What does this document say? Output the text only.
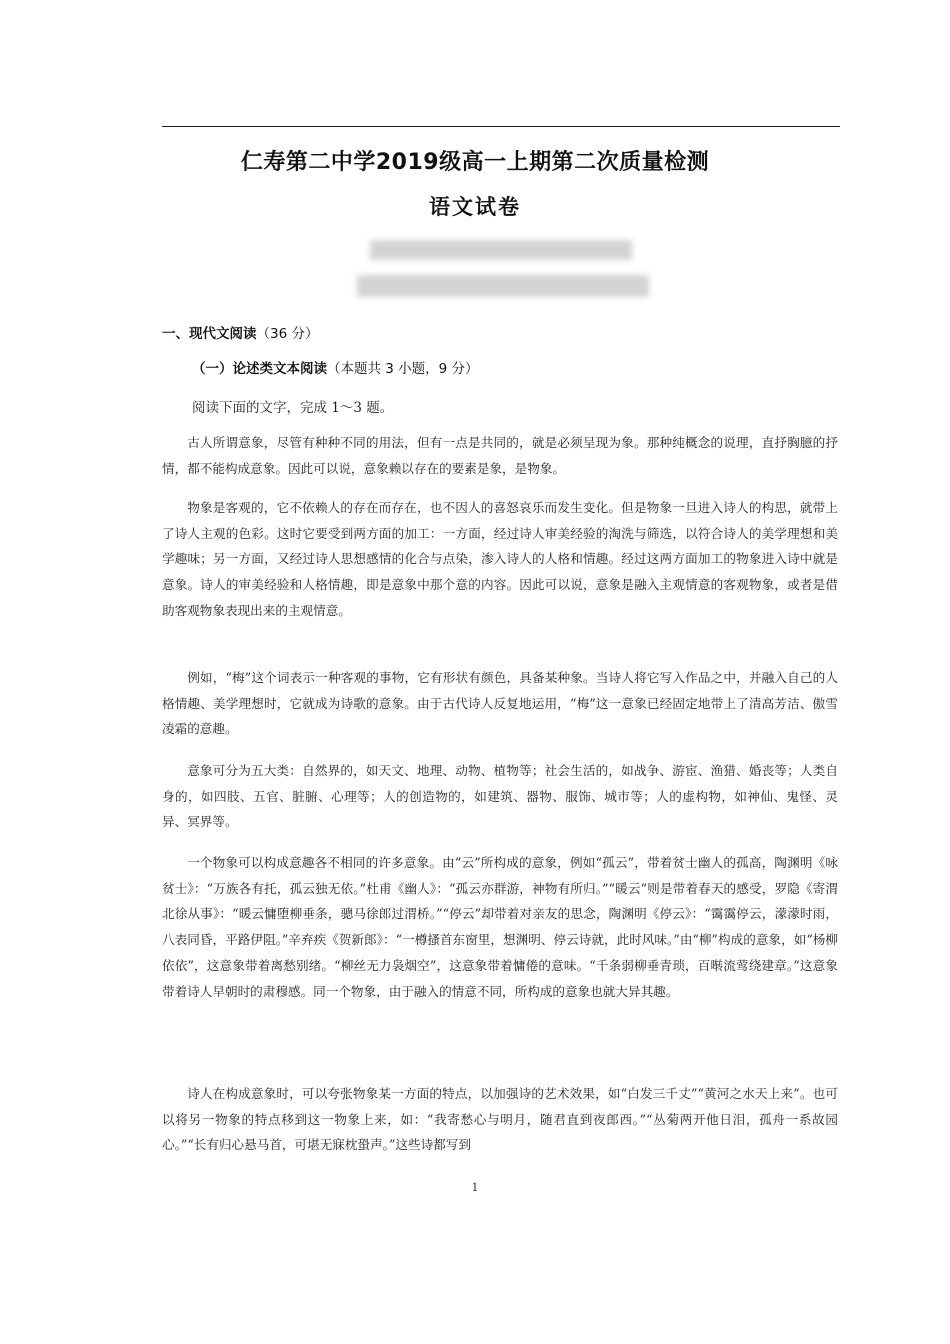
仁寿第二中学2019级高一上期第二次质量检测
语文试卷
一、现代文阅读（36 分）
（一）论述类文本阅读（本题共 3 小题，9 分）
阅读下面的文字，完成 1～3 题。

古人所谓意象，尽管有种种不同的用法，但有一点是共同的，就是必须呈现为象。那种纯概念的说理，直抒胸臆的抒情，都不能构成意象。因此可以说，意象赖以存在的要素是象，是物象。

物象是客观的，它不依赖人的存在而存在，也不因人的喜怒哀乐而发生变化。但是物象一旦进入诗人的构思，就带上了诗人主观的色彩。这时它要受到两方面的加工：一方面，经过诗人审美经验的淘洗与筛选，以符合诗人的美学理想和美学趣味；另一方面，又经过诗人思想感情的化合与点染，渗入诗人的人格和情趣。经过这两方面加工的物象进入诗中就是意象。诗人的审美经验和人格情趣，即是意象中那个意的内容。因此可以说，意象是融入主观情意的客观物象，或者是借助客观物象表现出来的主观情意。

例如，“梅”这个词表示一种客观的事物，它有形状有颜色，具备某种象。当诗人将它写入作品之中，并融入自己的人格情趣、美学理想时，它就成为诗歌的意象。由于古代诗人反复地运用，“梅”这一意象已经固定地带上了清高芳洁、傲雪凌霜的意趣。

意象可分为五大类：自然界的，如天文、地理、动物、植物等；社会生活的，如战争、游宦、渔猎、婚丧等；人类自身的，如四肢、五官、脏腑、心理等；人的创造物的，如建筑、器物、服饰、城市等；人的虚构物，如神仙、鬼怪、灵异、冥界等。

一个物象可以构成意趣各不相同的许多意象。由“云”所构成的意象，例如“孤云”，带着贫士幽人的孤高，陶渊明《咏贫士》：“万族各有托，孤云独无依。”杜甫《幽人》：“孤云亦群游，神物有所归。”“暖云”则是带着春天的感受，罗隐《寄渭北徐从事》：“暖云慵堕柳垂条，骢马徐郎过渭桥。”“停云”却带着对亲友的思念，陶渊明《停云》：“霭霭停云，濛濛时雨，八表同昏，平路伊阻。”辛弃疾《贺新郎》：“一樽搔首东窗里，想渊明、停云诗就，此时风味。”由“柳”构成的意象，如“杨柳依依”，这意象带着离愁别绪。“柳丝无力袅烟空”，这意象带着慵倦的意味。“千条弱柳垂青琐，百啭流莺绕建章。”这意象带着诗人早朝时的肃穆感。同一个物象，由于融入的情意不同，所构成的意象也就大异其趣。

诗人在构成意象时，可以夸张物象某一方面的特点，以加强诗的艺术效果，如“白发三千丈”“黄河之水天上来”。也可以将另一物象的特点移到这一物象上来，如：“我寄愁心与明月，随君直到夜郎西。”“丛菊两开他日泪，孤舟一系故园心。”“长有归心悬马首，可堪无寐枕蛩声。”这些诗都写到

1
